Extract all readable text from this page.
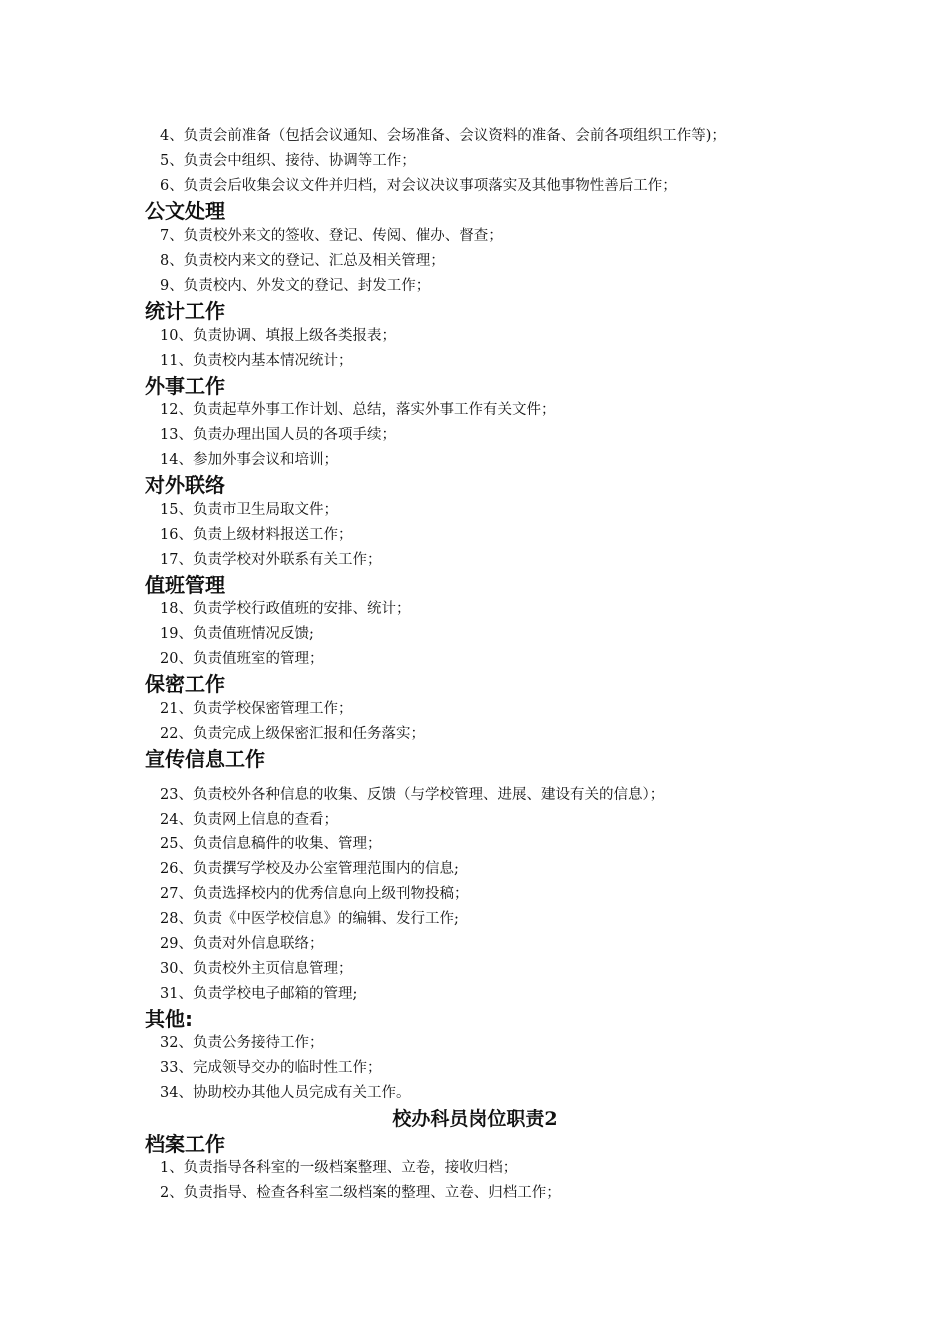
4、负责会前准备（包括会议通知、会场准备、会议资料的准备、会前各项组织工作等)；
5、负责会中组织、接待、协调等工作；
6、负责会后收集会议文件并归档，对会议决议事项落实及其他事物性善后工作；
公文处理
7、负责校外来文的签收、登记、传阅、催办、督查；
8、负责校内来文的登记、汇总及相关管理；
9、负责校内、外发文的登记、封发工作；
统计工作
10、负责协调、填报上级各类报表；
11、负责校内基本情况统计；
外事工作
12、负责起草外事工作计划、总结，落实外事工作有关文件；
13、负责办理出国人员的各项手续；
14、参加外事会议和培训；
对外联络
15、负责市卫生局取文件；
16、负责上级材料报送工作；
17、负责学校对外联系有关工作；
值班管理
18、负责学校行政值班的安排、统计；
19、负责值班情况反馈;
20、负责值班室的管理；
保密工作
21、负责学校保密管理工作；
22、负责完成上级保密汇报和任务落实；
宣传信息工作
23、负责校外各种信息的收集、反馈（与学校管理、进展、建设有关的信息）；
24、负责网上信息的查看；
25、负责信息稿件的收集、管理；
26、负责撰写学校及办公室管理范围内的信息;
27、负责选择校内的优秀信息向上级刊物投稿；
28、负责《中医学校信息》的编辑、发行工作;
29、负责对外信息联络；
30、负责校外主页信息管理；
31、负责学校电子邮箱的管理;
其他:
32、负责公务接待工作；
33、完成领导交办的临时性工作；
34、协助校办其他人员完成有关工作。
校办科员岗位职责2
档案工作
1、负责指导各科室的一级档案整理、立卷，接收归档；
2、负责指导、检查各科室二级档案的整理、立卷、归档工作；
